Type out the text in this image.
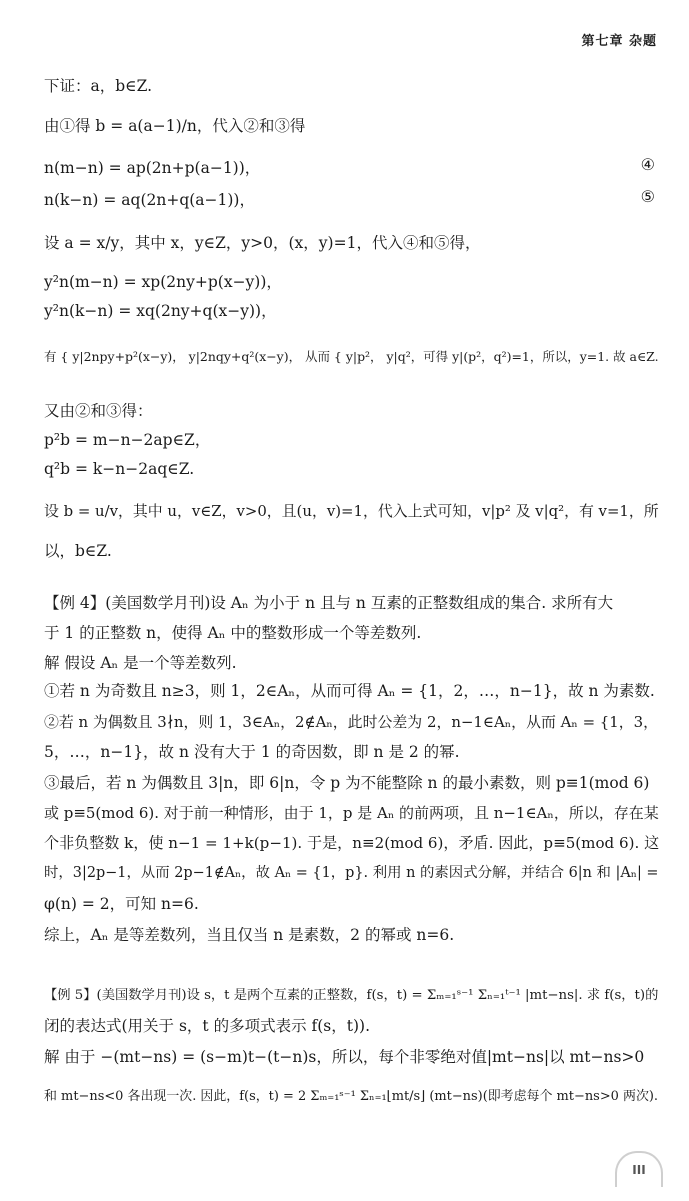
第七章 杂题
下证：a，b∈Z.
由①得 b = a(a−1)/n，代入②和③得
n(m−n) = ap(2n+p(a−1))，	④
n(k−n) = aq(2n+q(a−1))，	⑤
设 a = x/y，其中 x，y∈Z，y>0，(x，y)=1，代入④和⑤得，
y²n(m−n) = xp(2ny+p(x−y))，
y²n(k−n) = xq(2ny+q(x−y))，
有 { y|2npy+p²(x−y)， y|2nqy+q²(x−y)， 从而 { y|p²， y|q²，可得 y|(p²，q²)=1，所以，y=1. 故 a∈Z.
又由②和③得：
p²b = m−n−2ap∈Z，
q²b = k−n−2aq∈Z.
设 b = u/v，其中 u，v∈Z，v>0，且(u，v)=1，代入上式可知，v|p² 及 v|q²，有 v=1，所
以，b∈Z.
【例 4】(美国数学月刊)设 Aₙ 为小于 n 且与 n 互素的正整数组成的集合. 求所有大
于 1 的正整数 n，使得 Aₙ 中的整数形成一个等差数列.
解 假设 Aₙ 是一个等差数列.
①若 n 为奇数且 n≥3，则 1，2∈Aₙ，从而可得 Aₙ = {1，2，…，n−1}，故 n 为素数.
②若 n 为偶数且 3∤n，则 1，3∈Aₙ，2∉Aₙ，此时公差为 2，n−1∈Aₙ，从而 Aₙ = {1，3，
5，…，n−1}，故 n 没有大于 1 的奇因数，即 n 是 2 的幂.
③最后，若 n 为偶数且 3|n，即 6|n，令 p 为不能整除 n 的最小素数，则 p≡1(mod 6)
或 p≡5(mod 6). 对于前一种情形，由于 1，p 是 Aₙ 的前两项，且 n−1∈Aₙ，所以，存在某
个非负整数 k，使 n−1 = 1+k(p−1). 于是，n≡2(mod 6)，矛盾. 因此，p≡5(mod 6). 这
时，3|2p−1，从而 2p−1∉Aₙ，故 Aₙ = {1，p}. 利用 n 的素因式分解，并结合 6|n 和 |Aₙ| =
φ(n) = 2，可知 n=6.
综上，Aₙ 是等差数列，当且仅当 n 是素数，2 的幂或 n=6.
【例 5】(美国数学月刊)设 s，t 是两个互素的正整数，f(s，t) = Σₘ₌₁ˢ⁻¹ Σₙ₌₁ᵗ⁻¹ |mt−ns|. 求 f(s，t)的
闭的表达式(用关于 s，t 的多项式表示 f(s，t)).
解 由于 −(mt−ns) = (s−m)t−(t−n)s，所以，每个非零绝对值|mt−ns|以 mt−ns>0
和 mt−ns<0 各出现一次. 因此，f(s，t) = 2 Σₘ₌₁ˢ⁻¹ Σₙ₌₁⌊mt/s⌋ (mt−ns)(即考虑每个 mt−ns>0 两次).
III
